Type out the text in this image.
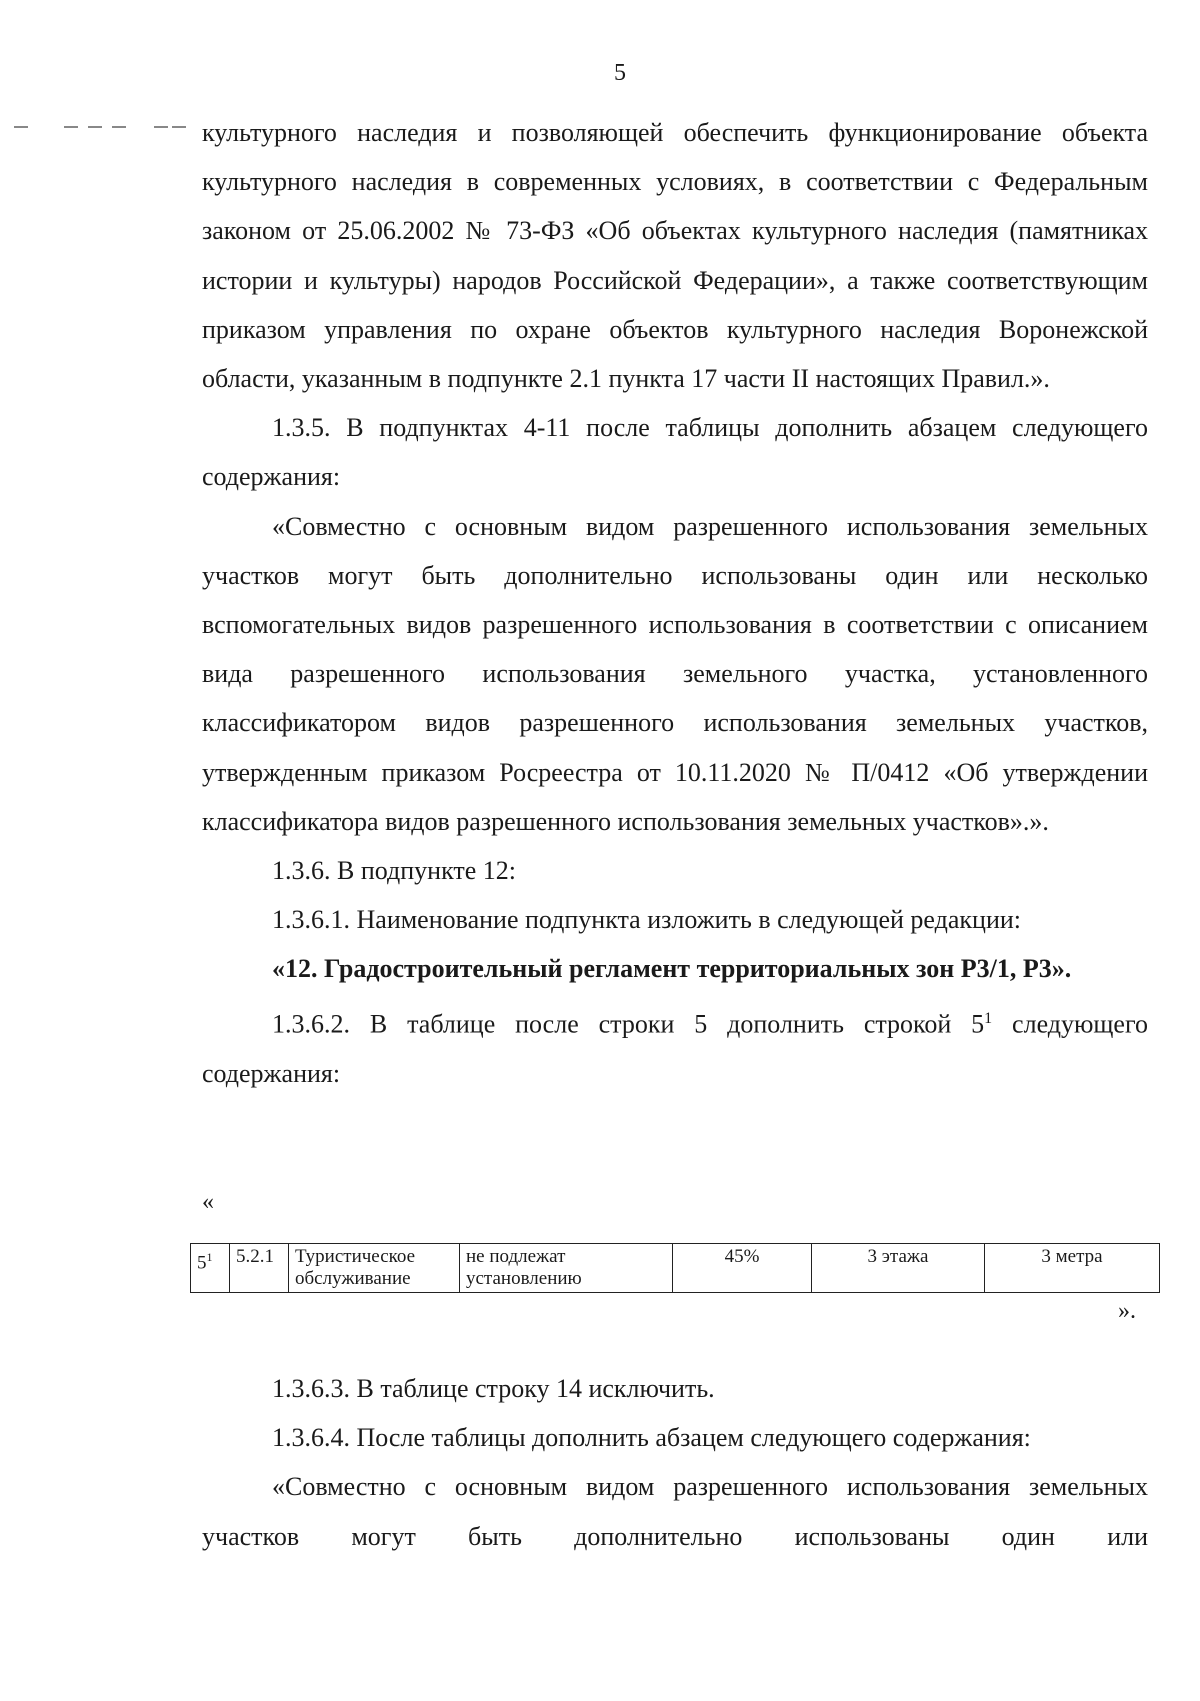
5

культурного наследия и позволяющей обеспечить функционирование объекта культурного наследия в современных условиях, в соответствии с Федеральным законом от 25.06.2002 № 73-ФЗ «Об объектах культурного наследия (памятниках истории и культуры) народов Российской Федерации», а также соответствующим приказом управления по охране объектов культурного наследия Воронежской области, указанным в подпункте 2.1 пункта 17 части II настоящих Правил.».

1.3.5. В подпунктах 4-11 после таблицы дополнить абзацем следующего содержания:

«Совместно с основным видом разрешенного использования земельных участков могут быть дополнительно использованы один или несколько вспомогательных видов разрешенного использования в соответствии с описанием вида разрешенного использования земельного участка, установленного классификатором видов разрешенного использования земельных участков, утвержденным приказом Росреестра от 10.11.2020 № П/0412 «Об утверждении классификатора видов разрешенного использования земельных участков».».

1.3.6. В подпункте 12:

1.3.6.1. Наименование подпункта изложить в следующей редакции:

«12. Градостроительный регламент территориальных зон Р3/1, Р3».

1.3.6.2. В таблице после строки 5 дополнить строкой $5^1$ следующего содержания:

«
$5^1$	5.2.1	Туристическое обслуживание	не подлежат установлению	45%	3 этажа	3 метра
».

1.3.6.3. В таблице строку 14 исключить.

1.3.6.4. После таблицы дополнить абзацем следующего содержания:

«Совместно с основным видом разрешенного использования земельных участков могут быть дополнительно использованы один или
